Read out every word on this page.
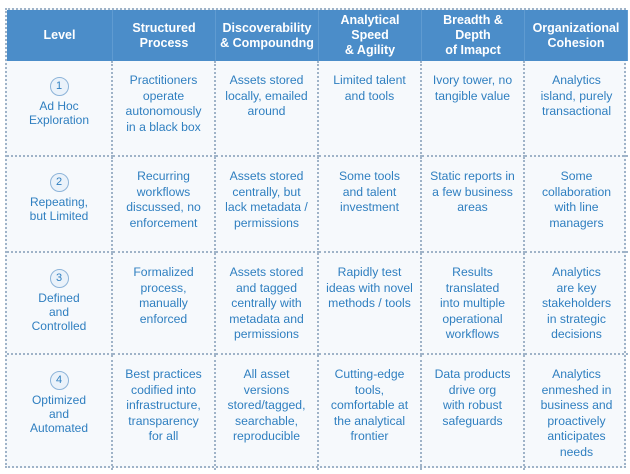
Level
Structured
Process
Discoverability
& Compoundng
Analytical Speed
& Agility
Breadth & Depth
of Imapct
Organizational
Cohesion
1
Ad Hoc
Exploration
Practitioners
operate
autonomously
in a black box
Assets stored
locally, emailed
around
Limited talent
and tools
Ivory tower, no
tangible value
Analytics
island, purely
transactional
2
Repeating,
but Limited
Recurring
workflows
discussed, no
enforcement
Assets stored
centrally, but
lack metadata /
permissions
Some tools
and talent
investment
Static reports in
a few business
areas
Some
collaboration
with line
managers
3
Defined
and
Controlled
Formalized
process,
manually
enforced
Assets stored
and tagged
centrally with
metadata and
permissions
Rapidly test
ideas with novel
methods / tools
Results
translated
into multiple
operational
workflows
Analytics
are key
stakeholders
in strategic
decisions
4
Optimized
and
Automated
Best practices
codified into
infrastructure,
transparency
for all
All asset
versions
stored/tagged,
searchable,
reproducible
Cutting-edge
tools,
comfortable at
the analytical
frontier
Data products
drive org
with robust
safeguards
Analytics
enmeshed in
business and
proactively
anticipates
needs
